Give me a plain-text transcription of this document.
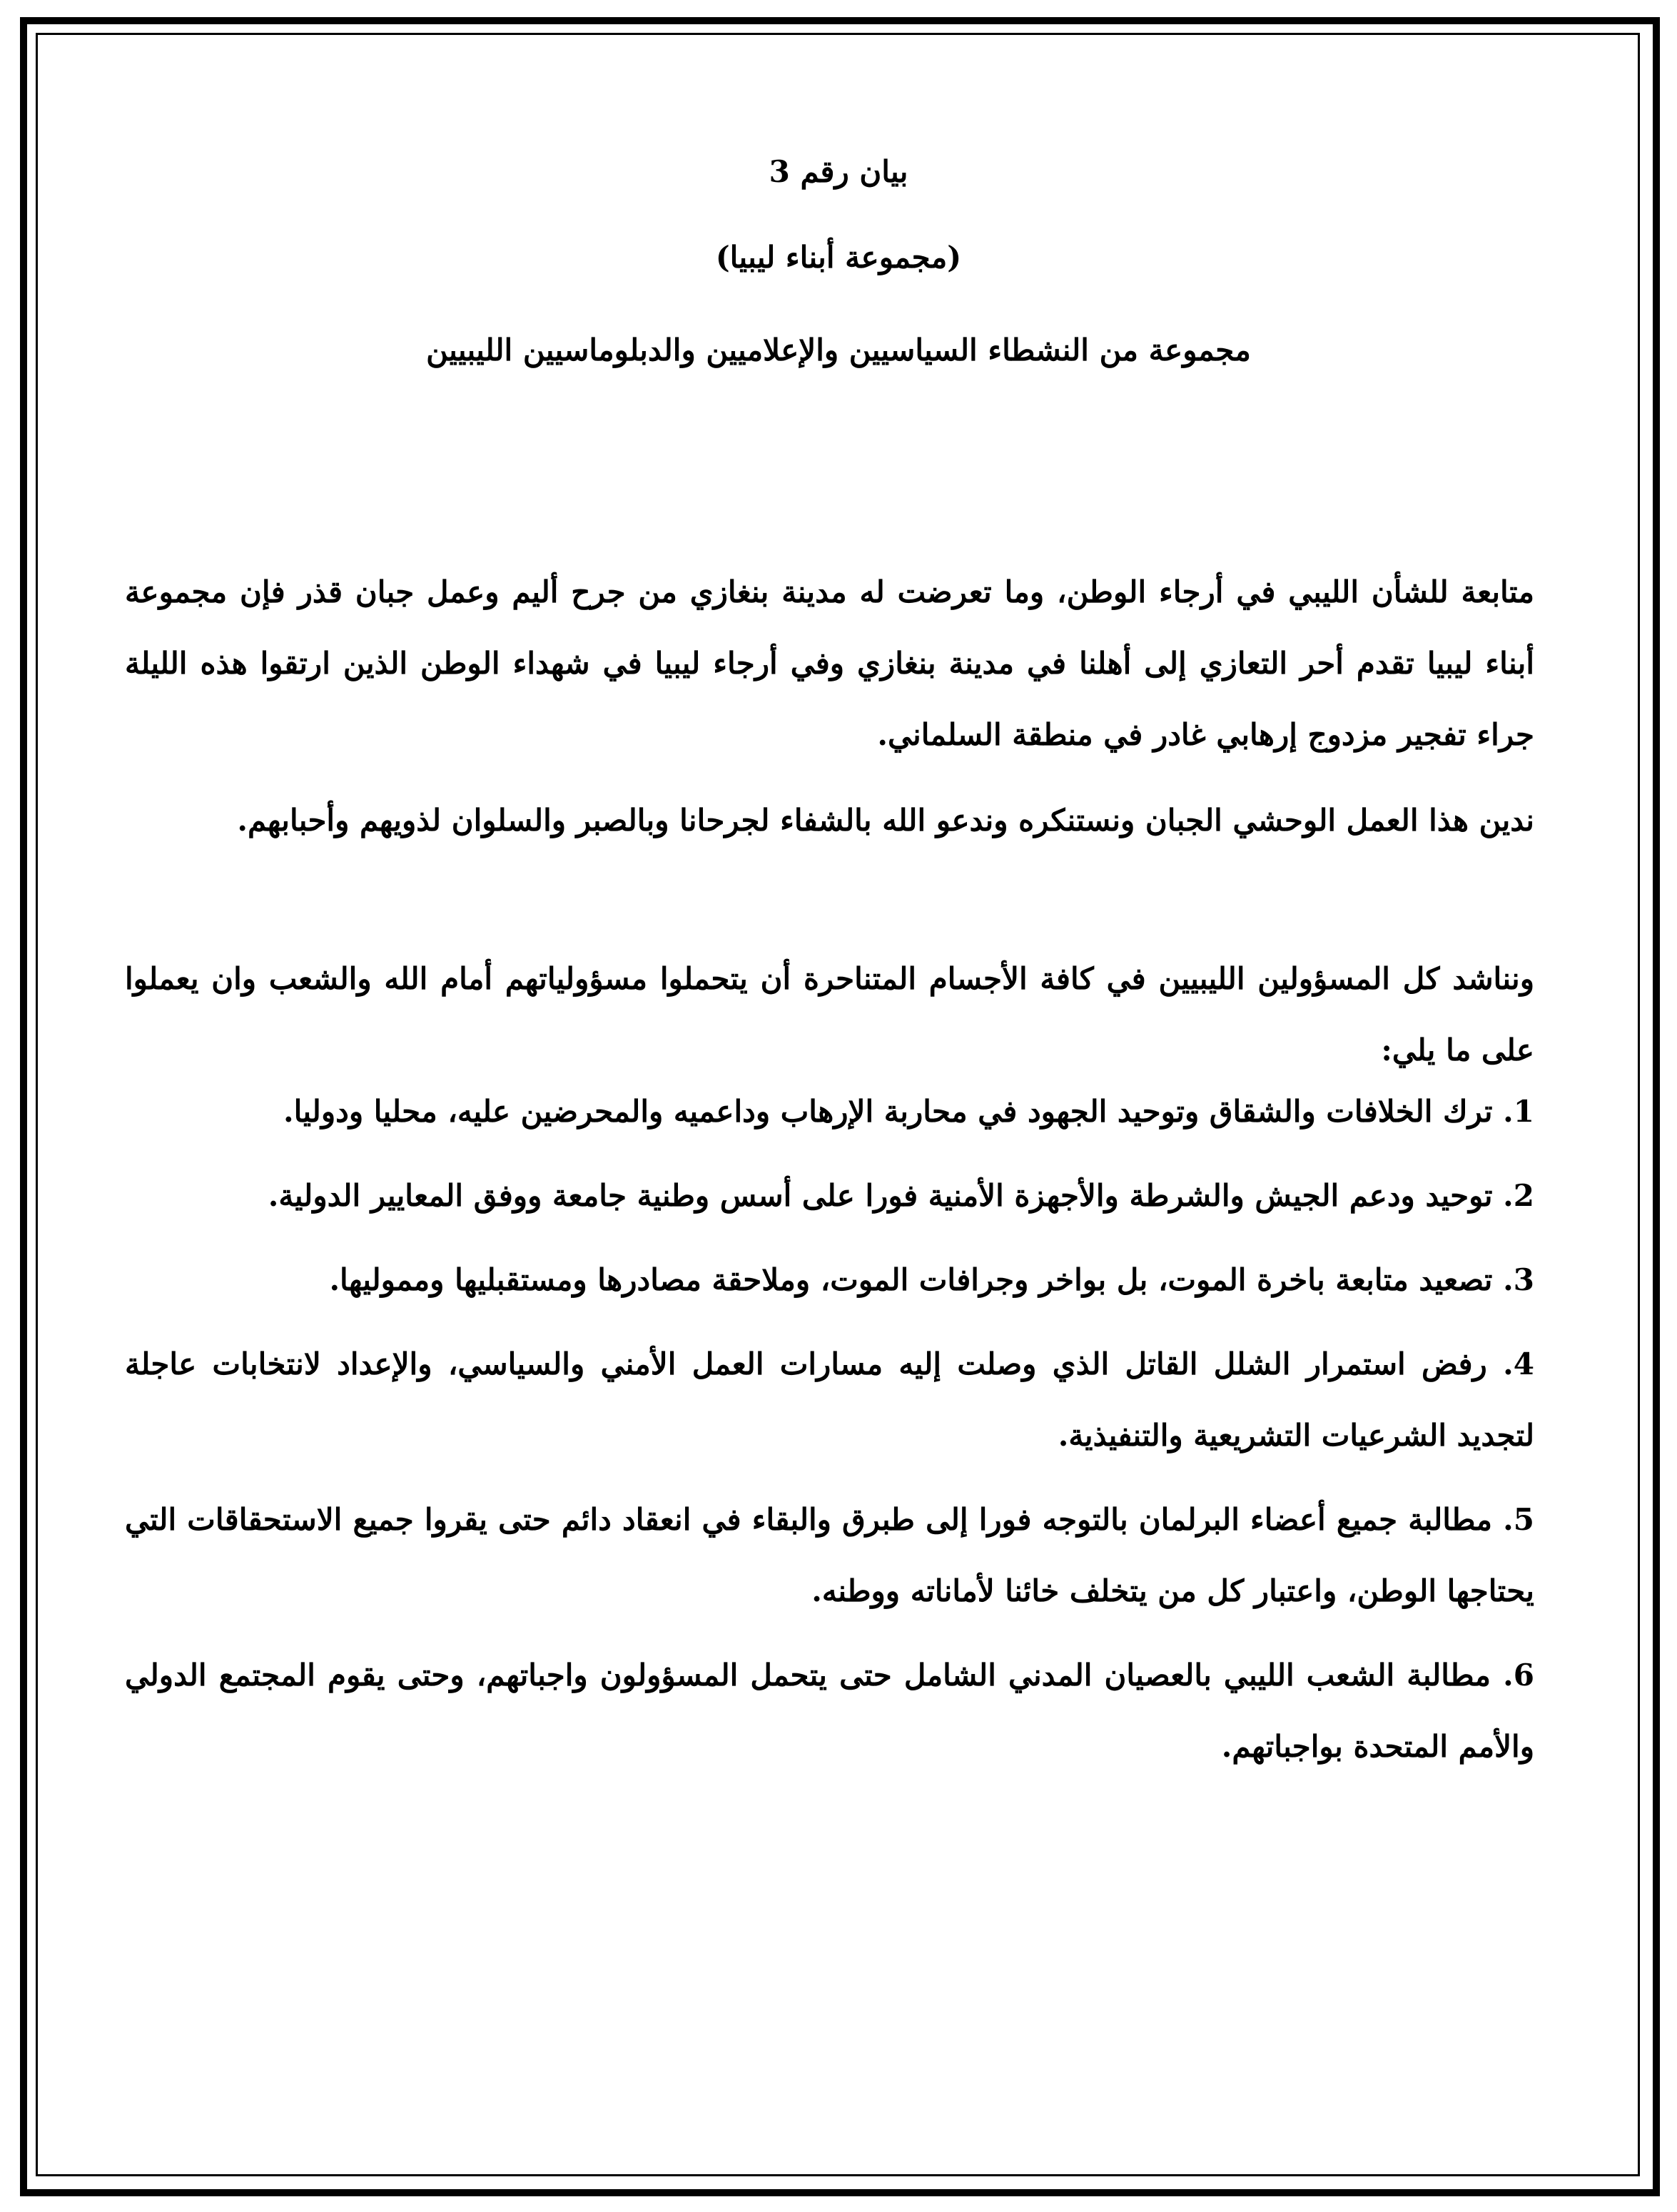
بيان رقم 3
(مجموعة أبناء ليبيا)
مجموعة من النشطاء السياسيين والإعلاميين والدبلوماسيين الليبيين

متابعة للشأن الليبي في أرجاء الوطن، وما تعرضت له مدينة بنغازي من جرح أليم وعمل جبان قذر فإن مجموعة أبناء ليبيا تقدم أحر التعازي إلى أهلنا في مدينة بنغازي وفي أرجاء ليبيا في شهداء الوطن الذين ارتقوا هذه الليلة جراء تفجير مزدوج إرهابي غادر في منطقة السلماني.

ندين هذا العمل الوحشي الجبان ونستنكره وندعو الله بالشفاء لجرحانا وبالصبر والسلوان لذويهم وأحبابهم.

ونناشد كل المسؤولين الليبيين في كافة الأجسام المتناحرة أن يتحملوا مسؤولياتهم أمام الله والشعب وان يعملوا على ما يلي:

1. ترك الخلافات والشقاق وتوحيد الجهود في محاربة الإرهاب وداعميه والمحرضين عليه، محليا ودوليا.
2. توحيد ودعم الجيش والشرطة والأجهزة الأمنية فورا على أسس وطنية جامعة ووفق المعايير الدولية.
3. تصعيد متابعة باخرة الموت، بل بواخر وجرافات الموت، وملاحقة مصادرها ومستقبليها ومموليها.
4. رفض استمرار الشلل القاتل الذي وصلت إليه مسارات العمل الأمني والسياسي، والإعداد لانتخابات عاجلة لتجديد الشرعيات التشريعية والتنفيذية.
5. مطالبة جميع أعضاء البرلمان بالتوجه فورا إلى طبرق والبقاء في انعقاد دائم حتى يقروا جميع الاستحقاقات التي يحتاجها الوطن، واعتبار كل من يتخلف خائنا لأماناته ووطنه.
6. مطالبة الشعب الليبي بالعصيان المدني الشامل حتى يتحمل المسؤولون واجباتهم، وحتى يقوم المجتمع الدولي والأمم المتحدة بواجباتهم.
